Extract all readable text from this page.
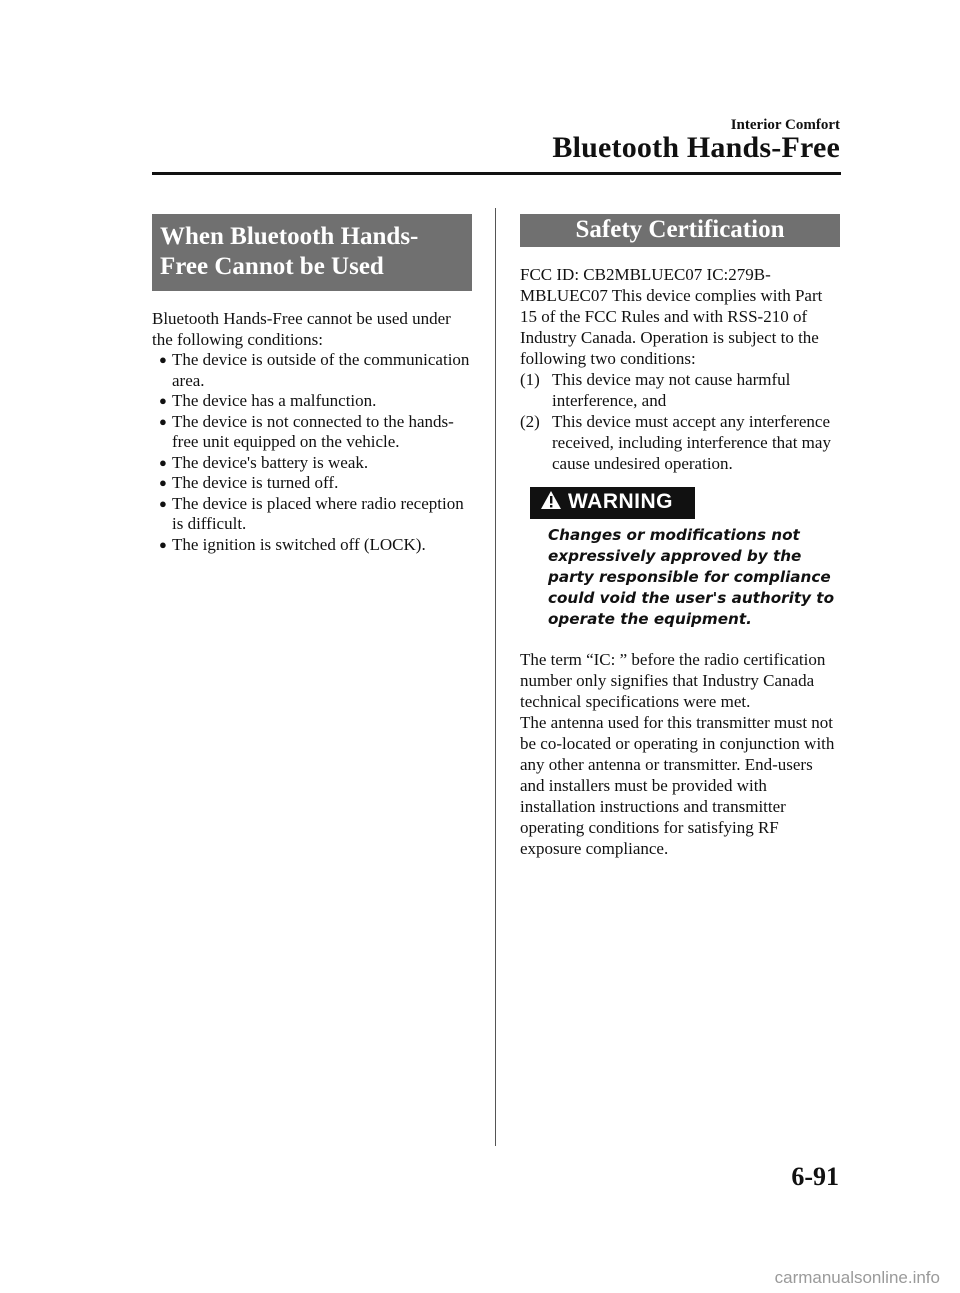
Interior Comfort
Bluetooth Hands-Free
When Bluetooth Hands-Free Cannot be Used
Bluetooth Hands-Free cannot be used under the following conditions:
● The device is outside of the communication area.
● The device has a malfunction.
● The device is not connected to the hands-free unit equipped on the vehicle.
● The device's battery is weak.
● The device is turned off.
● The device is placed where radio reception is difficult.
● The ignition is switched off (LOCK).
Safety Certification
FCC ID: CB2MBLUEC07 IC:279B-MBLUEC07 This device complies with Part 15 of the FCC Rules and with RSS-210 of Industry Canada. Operation is subject to the following two conditions:
(1) This device may not cause harmful interference, and
(2) This device must accept any interference received, including interference that may cause undesired operation.
WARNING
Changes or modifications not expressively approved by the party responsible for compliance could void the user's authority to operate the equipment.
The term “IC: ” before the radio certification number only signifies that Industry Canada technical specifications were met.
The antenna used for this transmitter must not be co-located or operating in conjunction with any other antenna or transmitter. End-users and installers must be provided with installation instructions and transmitter operating conditions for satisfying RF exposure compliance.
6-91
carmanualsonline.info
